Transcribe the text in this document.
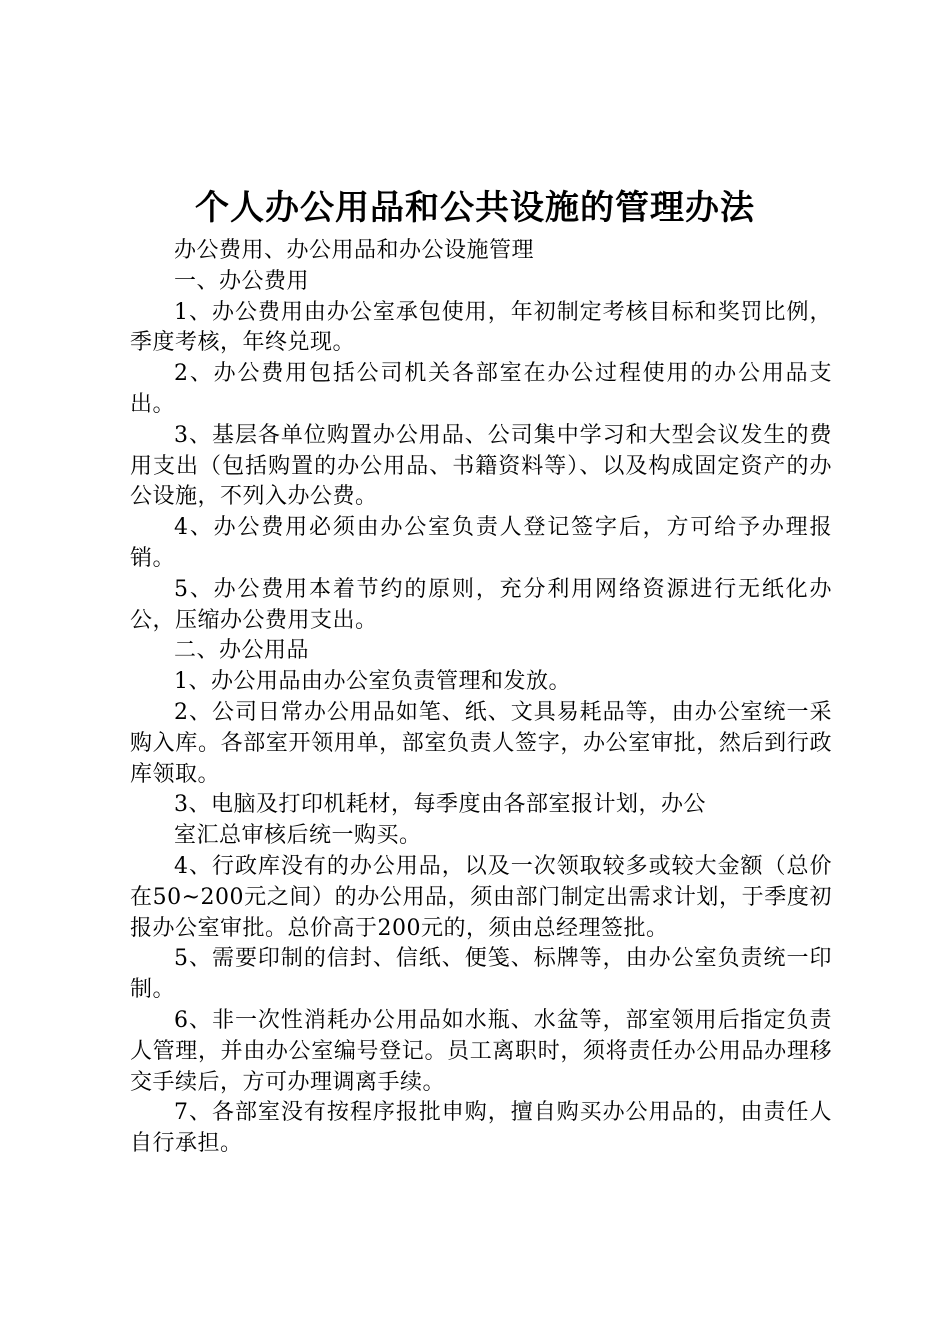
个人办公用品和公共设施的管理办法

办公费用、办公用品和办公设施管理

一、办公费用

1、办公费用由办公室承包使用，年初制定考核目标和奖罚比例，季度考核，年终兑现。

2、办公费用包括公司机关各部室在办公过程使用的办公用品支出。

3、基层各单位购置办公用品、公司集中学习和大型会议发生的费用支出（包括购置的办公用品、书籍资料等）、以及构成固定资产的办公设施，不列入办公费。

4、办公费用必须由办公室负责人登记签字后，方可给予办理报销。

5、办公费用本着节约的原则，充分利用网络资源进行无纸化办公，压缩办公费用支出。

二、办公用品

1、办公用品由办公室负责管理和发放。

2、公司日常办公用品如笔、纸、文具易耗品等，由办公室统一采购入库。各部室开领用单，部室负责人签字，办公室审批，然后到行政库领取。

3、电脑及打印机耗材，每季度由各部室报计划，办公

室汇总审核后统一购买。

4、行政库没有的办公用品，以及一次领取较多或较大金额（总价在50~200元之间）的办公用品，须由部门制定出需求计划，于季度初报办公室审批。总价高于200元的，须由总经理签批。

5、需要印制的信封、信纸、便笺、标牌等，由办公室负责统一印制。

6、非一次性消耗办公用品如水瓶、水盆等，部室领用后指定负责人管理，并由办公室编号登记。员工离职时，须将责任办公用品办理移交手续后，方可办理调离手续。

7、各部室没有按程序报批申购，擅自购买办公用品的，由责任人自行承担。
